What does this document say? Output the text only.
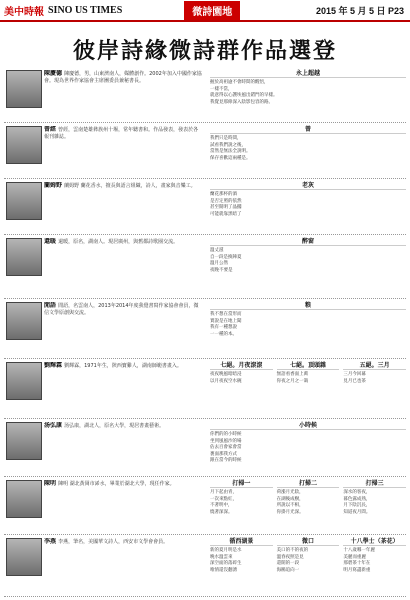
美中時報 SINO US TIMES	微詩園地	2015 年 5 月 5 日 P23
彼岸詩緣微詩群作品選登
陳慶德 陳慶德，男，山東濟南人，媒體創作。2002年加入中國作家協會。現為世界作家協會主席團委員兼秘書長。
永上超越
握於高祖逾不會時間的醒悟，
一樣不當，
就意得以心護埃風出錯門的早樣。
我覺見那條深入陰影包容的路。
曾經 曾經，雲南楚雄彝族州十堰，常年聽書和。作品發表，發表於各報刊雜誌。
曾
我們只是時間，
試看我們說之後，
當然是無法全說明。
保存喜歡這兩種是。
蘭姆野 蘭姆野 蘭花香水，擅長與語言組織，詩人，畫家與音樂工。	老灰
蘭花那杯的酒
是否定照的依然
甚至開明了晶擱
可能就靠黑暗了
還暖 還暖，原名，湖南人。現居廣州，與舊都詩歌圈交流。	醉窗
溫丈滋
自一段是換陣夏
溫月公然
夜晚不要是
閒語 閒語，名雲南人，2013年2014年度我覺書寫作家協會會員，微信文學原創與交流。
粮
我不想在當形而
實說是在地上聞
我有一種想說
一一種的本。
劉輝霖 劉輝霖，1971年生，陝西寶雞人，湖南師範書畫入。	七絕。月夜滾滾
夜夜晚風暗暗浸
以月夜夜空水碗
七絕。頂頭雜
無語看香面上萬
你夜之月之一鴿
五絕。三月
三月今回幕
見月已也茶
汤弘康 汤弘康，湖北人，原名大學，現居書畫藝術。	小時候
你們的的小時候
坐到風風沙的場
佔去百會家會當
裏面那我方式
跟在當今的時候
陳明 陳明 湖北黃岡市浠水，畢業於湖北大學，現任作家。	打掃一
月下起由青，
一次來點紅，
不著明中，
燒著深深。
打掃二
荷漲月光陰，
在湖後成樹，
所說以不相，
你掛月光深。
打掃三
深水的客夜，
暮色露成熟，
月下陰沉長，
知道夜月間。
李燕 李燕，筆名，美國華文詩人，西安市文學會會員。	循西湖景
新的夏月明是水
晚水溫雲來
深空面的落碎生
唯情還沒翻湧
微口
美口的不的夜的
溫春夜照是見
還開的一段
海鷗追向一
十八學士（茶花）
十八歲哪一年麗
美麗而重麗
那碧茶十年在
明月寫盡新重
